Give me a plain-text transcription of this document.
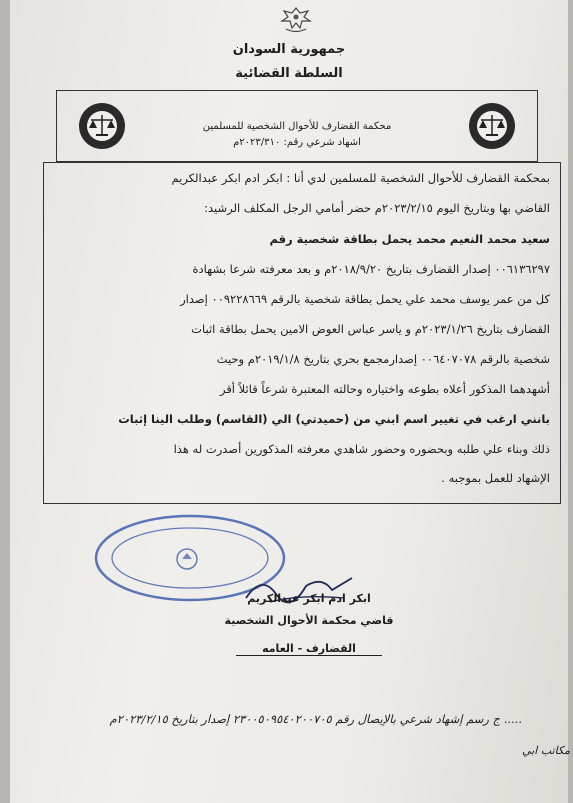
جمهورية السودان
السلطة القضائية
محكمة القضارف للأحوال الشخصية للمسلمين
اشهاد شرعي رقم: ٢٠٢٣/٣١٠م
بمحكمة القضارف للأحوال الشخصية للمسلمين لدي أنا : ابكر ادم ابكر عبدالكريم
القاضي بها وبتاريخ اليوم ٢٠٢٣/٢/١٥م حضر أمامي الرجل المكلف الرشيد:
سعيد محمد النعيم محمد يحمل بطاقة شخصية رقم
٠٠٦١٣٦٢٩٧ إصدار القضارف بتاريخ ٢٠١٨/٩/٢٠م و بعد معرفته شرعا بشهادة
كل من عمر يوسف محمد علي يحمل بطاقة شخصية بالرقم ٠٠٩٢٢٨٦٦٩ إصدار
القضارف بتاريخ ٢٠٢٣/١/٢٦م و ياسر عباس العوض الامين يحمل بطاقة اثبات
شخصية بالرقم ٠٠٦٤٠٧٠٧٨ إصدارمجمع بحري بتاريخ ٢٠١٩/١/٨م وحيث
أشهدهما المذكور أعلاه بطوعه واختياره وحالته المعتبرة شرعاً قائلاً أقر
بانني ارغب في تغيير اسم ابني من (حميدتي) الي (القاسم) وطلب الينا إثبات
ذلك وبناء علي طلبه وبحضوره وحضور شاهدي معرفته المذكورين أصدرت له هذا
الإشهاد للعمل بموجبه .
ابكر ادم ابكر عبدالكريم
قاضي محكمة الأحوال الشخصية
القضارف - العامه
..... ج رسم إشهاد شرعي بالإيصال رقم ٢٣٠٠٥٠٩٥٤٠٢٠٠٧٠٥ إصدار بتاريخ ٢٠٢٣/٢/١٥م
مكاتب ابي
